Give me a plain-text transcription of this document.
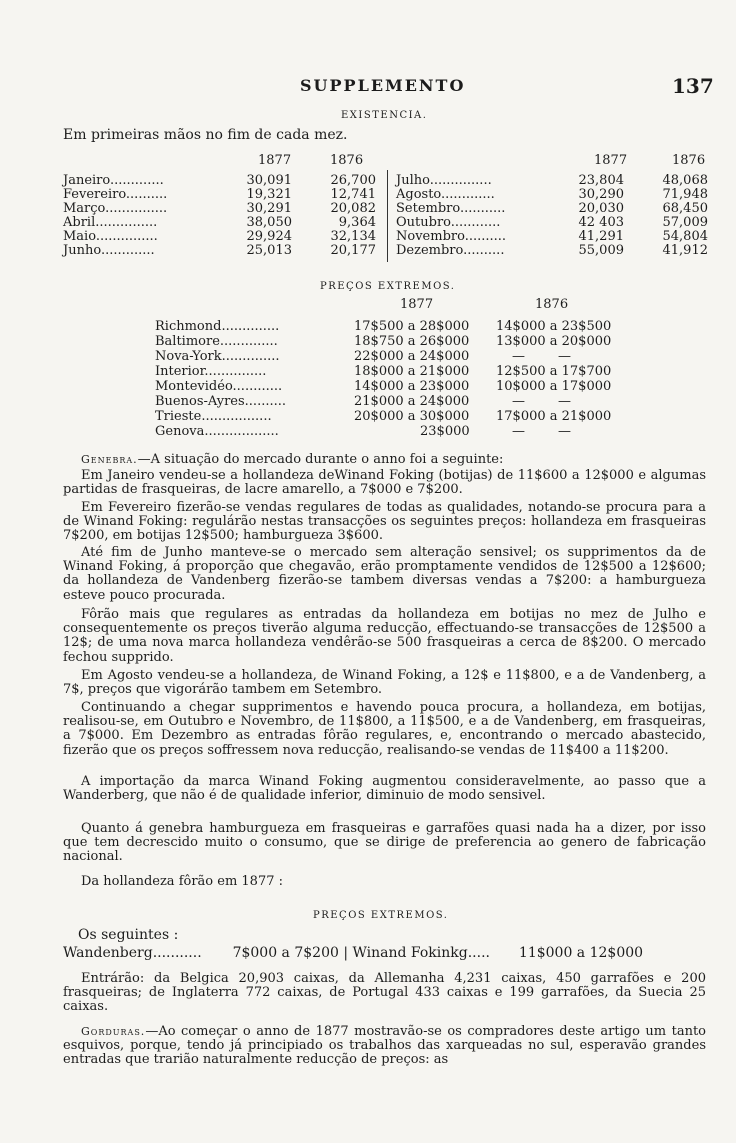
SUPPLEMENTO	137
EXISTENCIA.
Em primeiras mãos no fim de cada mez.
1877	1876	1877	1876
Janeiro.............	30,091	26,700
Fevereiro..........	19,321	12,741
Março...............	30,291	20,082
Abril...............	38,050	9,364
Maio...............	29,924	32,134
Junho.............	25,013	20,177
Julho...............	23,804	48,068
Agosto.............	30,290	71,948
Setembro...........	20,030	68,450
Outubro............	42 403	57,009
Novembro..........	41,291	54,804
Dezembro..........	55,009	41,912
PREÇOS EXTREMOS.
1877	1876
Richmond..............	17$500 a 28$000 14$000 a 23$500
Baltimore..............	18$750 a 26$000 13$000 a 20$000
Nova-York..............	22$000 a 24$000	—        —
Interior...............	18$000 a 21$000 12$500 a 17$700
Montevidéo............	14$000 a 23$000 10$000 a 17$000
Buenos-Ayres..........	21$000 a 24$000	—        —
Trieste.................	20$000 a 30$000 17$000 a 21$000
Genova..................	23$000	—        —
Genebra.—A situação do mercado durante o anno foi a seguinte:
Em Janeiro vendeu-se a hollandeza deWinand Foking (botijas) de 11$600 a 12$000 e algumas partidas de frasqueiras, de lacre amarello, a 7$000 e 7$200.
Em Fevereiro fizerão-se vendas regulares de todas as qualidades, notando-se procura para a de Winand Foking: regulárão nestas transacções os seguintes preços: hollandeza em frasqueiras 7$200, em botijas 12$500; hamburgueza 3$600.
Até fim de Junho manteve-se o mercado sem alteração sensivel; os supprimentos da de Winand Foking, á proporção que chegavão, erão promptamente vendidos de 12$500 a 12$600; da hollandeza de Vandenberg fizerão-se tambem diversas vendas a 7$200: a hamburgueza esteve pouco procurada.
Fôrão mais que regulares as entradas da hollandeza em botijas no mez de Julho e consequentemente os preços tiverão alguma reducção, effectuando-se transacções de 12$500 a 12$; de uma nova marca hollandeza vendêrão-se 500 frasqueiras a cerca de 8$200. O mercado fechou supprido.
Em Agosto vendeu-se a hollandeza, de Winand Foking, a 12$ e 11$800, e a de Vandenberg, a 7$, preços que vigorárão tambem em Setembro.
Continuando a chegar supprimentos e havendo pouca procura, a hollandeza, em botijas, realisou-se, em Outubro e Novembro, de 11$800, a 11$500, e a de Vandenberg, em frasqueiras, a 7$000. Em Dezembro as entradas fôrão regulares, e, encontrando o mercado abastecido, fizerão que os preços soffressem nova reducção, realisando-se vendas de 11$400 a 11$200.
A importação da marca Winand Foking augmentou consideravelmente, ao passo que a Wanderberg, que não é de qualidade inferior, diminuio de modo sensivel.
Quanto á genebra hamburgueza em frasqueiras e garrafões quasi nada ha a dizer, por isso que tem decrescido muito o consumo, que se dirige de preferencia ao genero de fabricação nacional.
Da hollandeza fôrão em 1877 :
PREÇOS EXTREMOS.
Os seguintes :
Wandenberg........... 7$000 a 7$200 | Winand Fokinkg..... 11$000 a 12$000
Entrárão: da Belgica 20,903 caixas, da Allemanha 4,231 caixas, 450 garrafões e 200 frasqueiras; de Inglaterra 772 caixas, de Portugal 433 caixas e 199 garrafões, da Suecia 25 caixas.
Gorduras.—Ao começar o anno de 1877 mostravão-se os compradores deste artigo um tanto esquivos, porque, tendo já principiado os trabalhos das xarqueadas no sul, esperavão grandes entradas que trarião naturalmente reducção de preços: as
